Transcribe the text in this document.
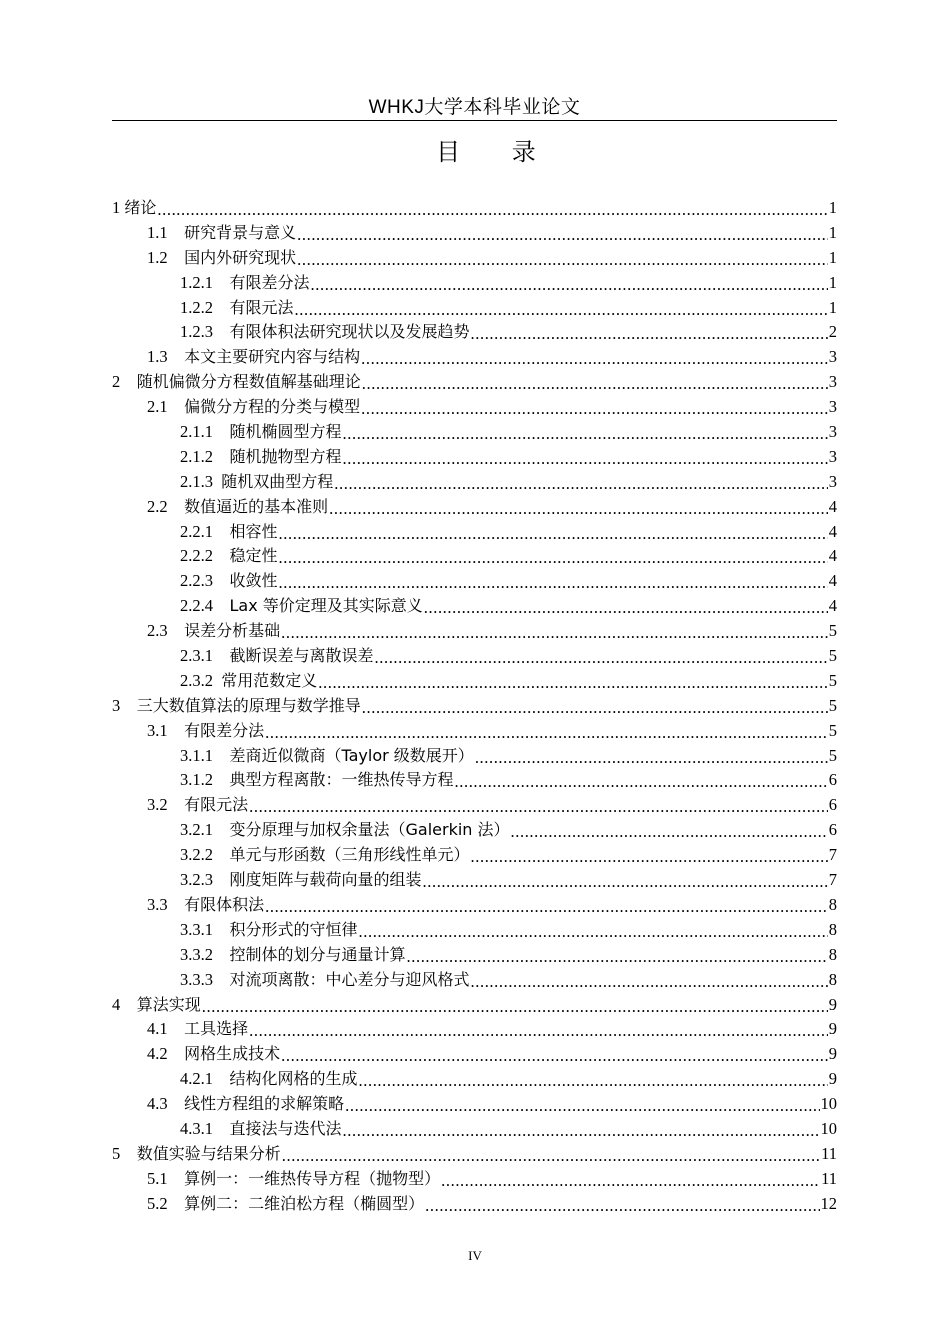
WHKJ大学本科毕业论文
目 录
1 绪论 .....	1
1.1 研究背景与意义 .....	1
1.2 国内外研究现状 .....	1
1.2.1 有限差分法 .....	1
1.2.2 有限元法 .....	1
1.2.3 有限体积法研究现状以及发展趋势 .....	2
1.3 本文主要研究内容与结构 .....	3
2 随机偏微分方程数值解基础理论 .....	3
2.1 偏微分方程的分类与模型 .....	3
2.1.1 随机椭圆型方程 .....	3
2.1.2 随机抛物型方程 .....	3
2.1.3 随机双曲型方程 .....	3
2.2 数值逼近的基本准则 .....	4
2.2.1 相容性 .....	4
2.2.2 稳定性 .....	4
2.2.3 收敛性 .....	4
2.2.4 Lax 等价定理及其实际意义 .....	4
2.3 误差分析基础 .....	5
2.3.1 截断误差与离散误差 .....	5
2.3.2 常用范数定义 .....	5
3 三大数值算法的原理与数学推导 .....	5
3.1 有限差分法 .....	5
3.1.1 差商近似微商（Taylor 级数展开） .....	5
3.1.2 典型方程离散：一维热传导方程 .....	6
3.2 有限元法 .....	6
3.2.1 变分原理与加权余量法（Galerkin 法） .....	6
3.2.2 单元与形函数（三角形线性单元） .....	7
3.2.3 刚度矩阵与载荷向量的组装 .....	7
3.3 有限体积法 .....	8
3.3.1 积分形式的守恒律 .....	8
3.3.2 控制体的划分与通量计算 .....	8
3.3.3 对流项离散：中心差分与迎风格式 .....	8
4 算法实现 .....	9
4.1 工具选择 .....	9
4.2 网格生成技术 .....	9
4.2.1 结构化网格的生成 .....	9
4.3 线性方程组的求解策略 .....	10
4.3.1 直接法与迭代法 .....	10
5 数值实验与结果分析 .....	11
5.1 算例一：一维热传导方程（抛物型） .....	11
5.2 算例二：二维泊松方程（椭圆型） .....	12
IV
